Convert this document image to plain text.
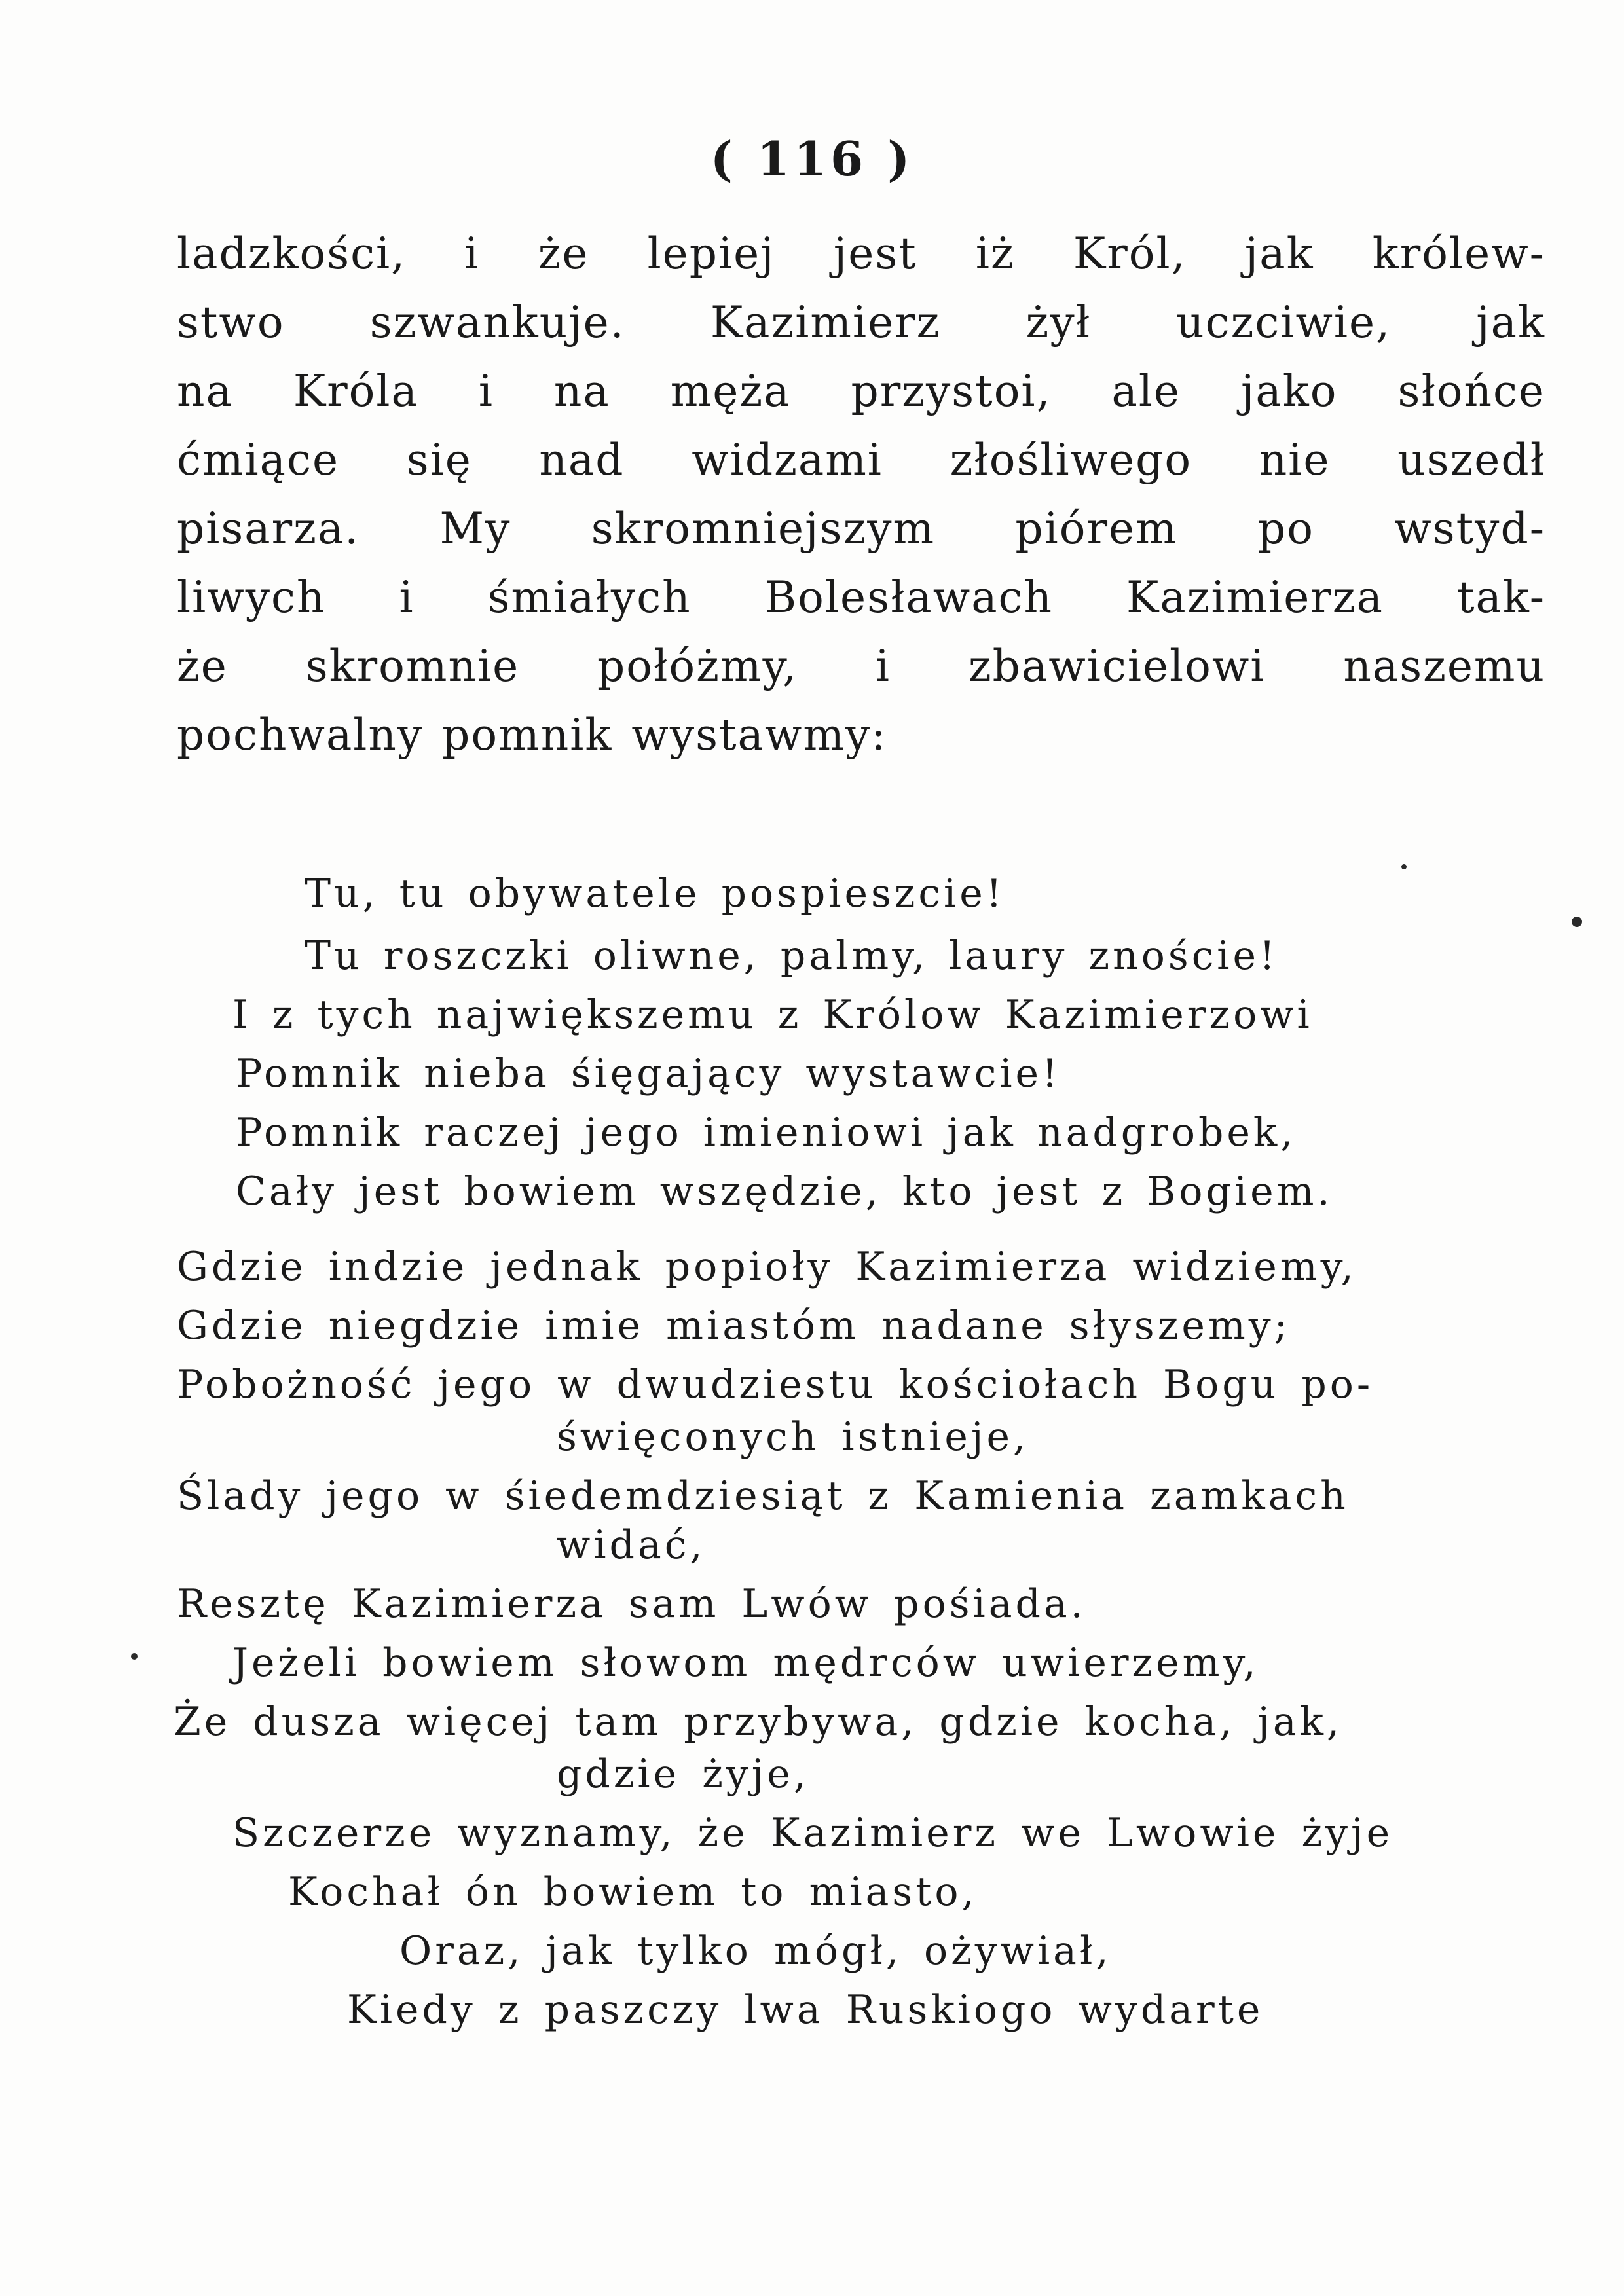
( 116 )
ladzkości, i że lepiej jest iż Król, jak królew-
stwo szwankuje. Kazimierz żył uczciwie, jak
na Króla i na męża przystoi, ale jako słońce
ćmiące się nad widzami złośliwego nie uszedł
pisarza. My skromniejszym piórem po wstyd-
liwych i śmiałych Bolesławach Kazimierza tak-
że skromnie połóżmy, i zbawicielowi naszemu
pochwalny pomnik wystawmy:
Tu, tu obywatele pospieszcie!
Tu roszczki oliwne, palmy, laury znoście!
I z tych największemu z Królow Kazimierzowi
Pomnik nieba śięgający wystawcie!
Pomnik raczej jego imieniowi jak nadgrobek,
Cały jest bowiem wszędzie, kto jest z Bogiem.
Gdzie indzie jednak popioły Kazimierza widziemy,
Gdzie niegdzie imie miastóm nadane słyszemy;
Pobożność jego w dwudziestu kościołach Bogu po-
święconych istnieje,
Ślady jego w śiedemdziesiąt z Kamienia zamkach
widać,
Resztę Kazimierza sam Lwów pośiada.
Jeżeli bowiem słowom mędrców uwierzemy,
Że dusza więcej tam przybywa, gdzie kocha, jak,
gdzie żyje,
Szczerze wyznamy, że Kazimierz we Lwowie żyje
Kochał ón bowiem to miasto,
Oraz, jak tylko mógł, ożywiał,
Kiedy z paszczy lwa Ruskiogo wydarte
